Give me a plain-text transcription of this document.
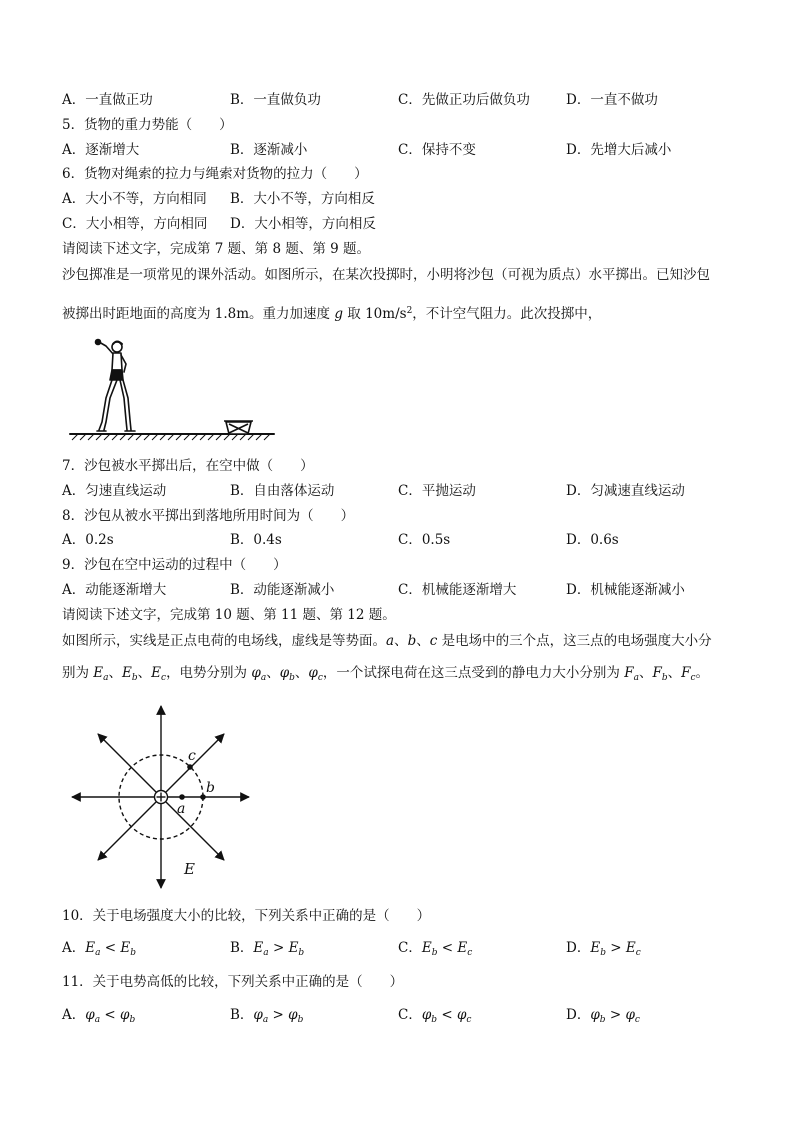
A．一直做正功	B．一直做负功	C．先做正功后做负功	D．一直不做功
5．货物的重力势能（　　）
A．逐渐增大	B．逐渐减小	C．保持不变	D．先增大后减小
6．货物对绳索的拉力与绳索对货物的拉力（　　）
A．大小不等，方向相同 B．大小不等，方向相反
C．大小相等，方向相同 D．大小相等，方向相反
请阅读下述文字，完成第 7 题、第 8 题、第 9 题。
沙包掷准是一项常见的课外活动。如图所示，在某次投掷时，小明将沙包（可视为质点）水平掷出。已知沙包
被掷出时距地面的高度为 1.8m。重力加速度 g 取 $10m/s^2$，不计空气阻力。此次投掷中，
7．沙包被水平掷出后，在空中做（　　）
A．匀速直线运动	B．自由落体运动	C．平抛运动	D．匀减速直线运动
8．沙包从被水平掷出到落地所用时间为（　　）
A．0.2s	B．0.4s	C．0.5s	D．0.6s
9．沙包在空中运动的过程中（　　）
A．动能逐渐增大	B．动能逐渐减小	C．机械能逐渐增大	D．机械能逐渐减小
请阅读下述文字，完成第 10 题、第 11 题、第 12 题。
如图所示，实线是正点电荷的电场线，虚线是等势面。a、b、c 是电场中的三个点，这三点的电场强度大小分
别为 $E_a$、$E_b$、$E_c$，电势分别为 $\varphi_a$、$\varphi_b$、$\varphi_c$，一个试探电荷在这三点受到的静电力大小分别为 $F_a$、$F_b$、$F_c$。
a
b
c
E
10．关于电场强度大小的比较，下列关系中正确的是（　　）
A．$E_a < E_b$	B．$E_a > E_b$	C．$E_b < E_c$	D．$E_b > E_c$
11．关于电势高低的比较，下列关系中正确的是（　　）
A．$\varphi_a < \varphi_b$	B．$\varphi_a > \varphi_b$	C．$\varphi_b < \varphi_c$	D．$\varphi_b > \varphi_c$
